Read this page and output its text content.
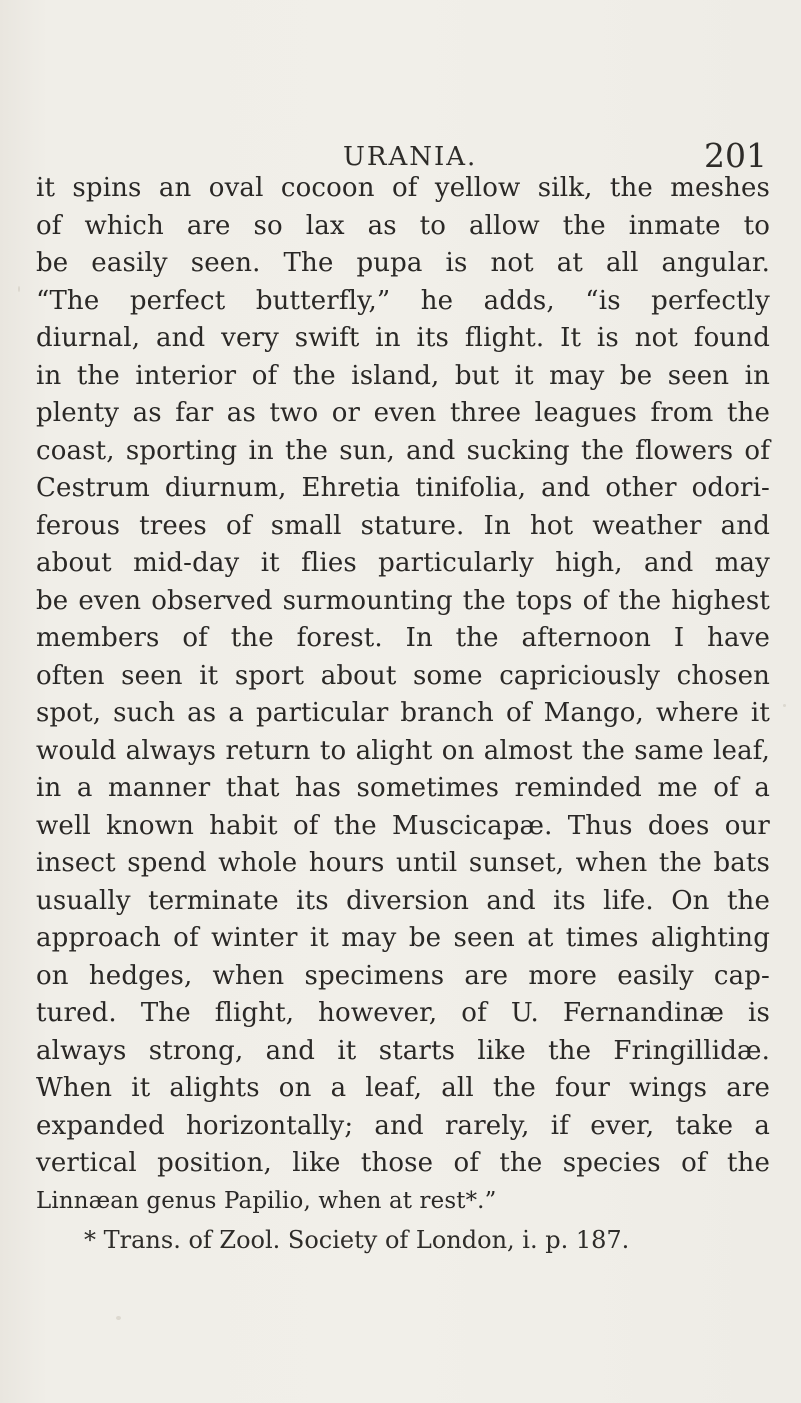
URANIA.	201
it spins an oval cocoon of yellow silk, the meshes
of which are so lax as to allow the inmate to
be easily seen. The pupa is not at all angular.
“The perfect butterfly,” he adds, “is perfectly
diurnal, and very swift in its flight. It is not found
in the interior of the island, but it may be seen in
plenty as far as two or even three leagues from the
coast, sporting in the sun, and sucking the flowers of
Cestrum diurnum, Ehretia tinifolia, and other odori-
ferous trees of small stature. In hot weather and
about mid-day it flies particularly high, and may
be even observed surmounting the tops of the highest
members of the forest. In the afternoon I have
often seen it sport about some capriciously chosen
spot, such as a particular branch of Mango, where it
would always return to alight on almost the same leaf,
in a manner that has sometimes reminded me of a
well known habit of the Muscicapæ. Thus does our
insect spend whole hours until sunset, when the bats
usually terminate its diversion and its life. On the
approach of winter it may be seen at times alighting
on hedges, when specimens are more easily cap-
tured. The flight, however, of U. Fernandinæ is
always strong, and it starts like the Fringillidæ.
When it alights on a leaf, all the four wings are
expanded horizontally; and rarely, if ever, take a
vertical position, like those of the species of the
Linnæan genus Papilio, when at rest*.”
* Trans. of Zool. Society of London, i. p. 187.
